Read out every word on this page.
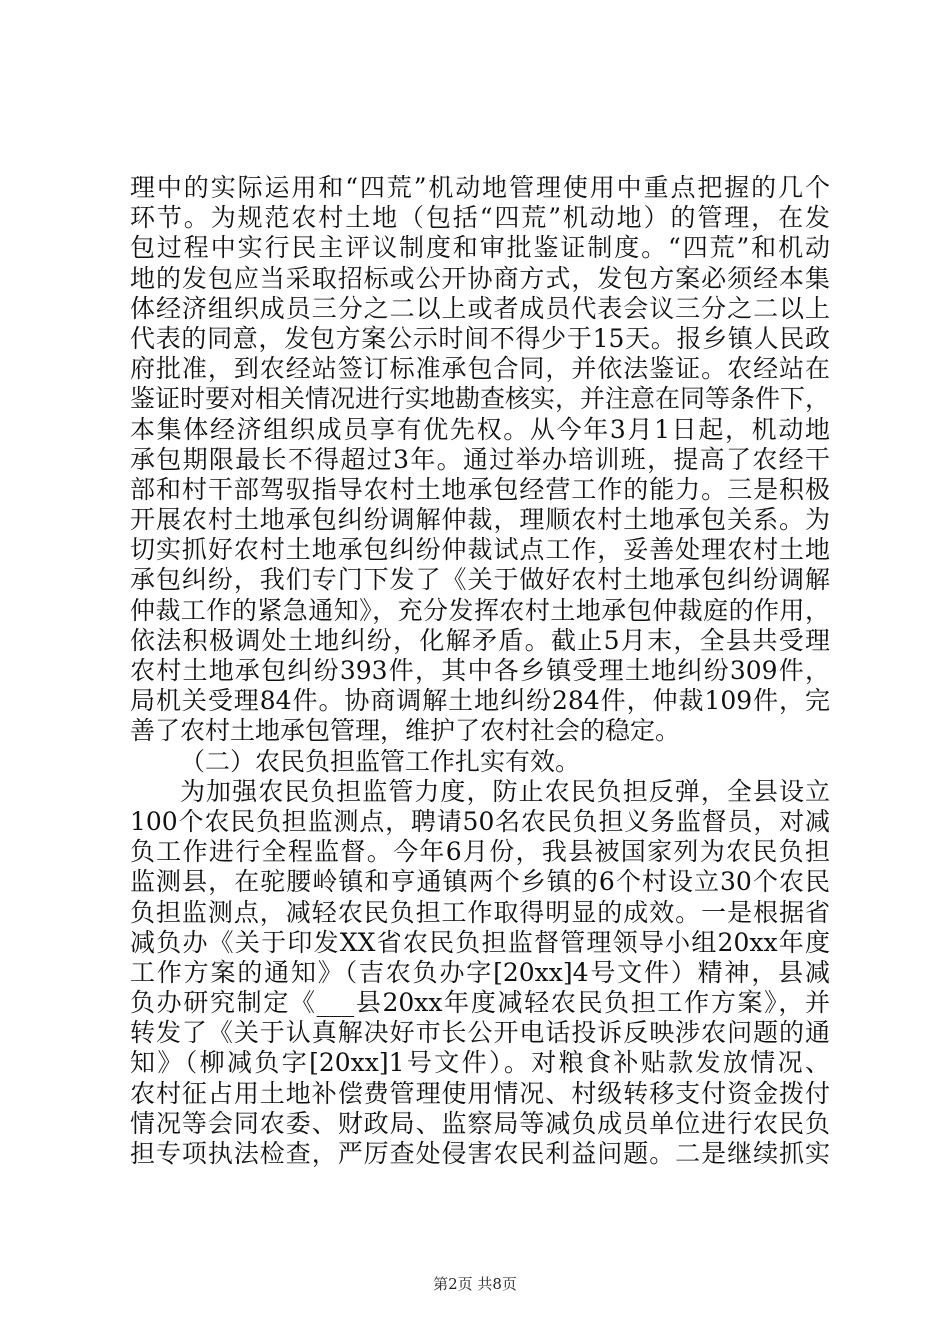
理中的实际运用和“四荒”机动地管理使用中重点把握的几个
环节。为规范农村土地（包括“四荒”机动地）的管理，在发
包过程中实行民主评议制度和审批鉴证制度。“四荒”和机动
地的发包应当采取招标或公开协商方式，发包方案必须经本集
体经济组织成员三分之二以上或者成员代表会议三分之二以上
代表的同意，发包方案公示时间不得少于15天。报乡镇人民政
府批准，到农经站签订标准承包合同，并依法鉴证。农经站在
鉴证时要对相关情况进行实地勘查核实，并注意在同等条件下，
本集体经济组织成员享有优先权。从今年3月1日起，机动地
承包期限最长不得超过3年。通过举办培训班，提高了农经干
部和村干部驾驭指导农村土地承包经营工作的能力。三是积极
开展农村土地承包纠纷调解仲裁，理顺农村土地承包关系。为
切实抓好农村土地承包纠纷仲裁试点工作，妥善处理农村土地
承包纠纷，我们专门下发了《关于做好农村土地承包纠纷调解
仲裁工作的紧急通知》，充分发挥农村土地承包仲裁庭的作用，
依法积极调处土地纠纷，化解矛盾。截止5月末，全县共受理
农村土地承包纠纷393件，其中各乡镇受理土地纠纷309件，
局机关受理84件。协商调解土地纠纷284件，仲裁109件，完
善了农村土地承包管理，维护了农村社会的稳定。
（二）农民负担监管工作扎实有效。
为加强农民负担监管力度，防止农民负担反弹，全县设立
100个农民负担监测点，聘请50名农民负担义务监督员，对减
负工作进行全程监督。今年6月份，我县被国家列为农民负担
监测县，在驼腰岭镇和亨通镇两个乡镇的6个村设立30个农民
负担监测点，减轻农民负担工作取得明显的成效。一是根据省
减负办《关于印发XX省农民负担监督管理领导小组20xx年度
工作方案的通知》（吉农负办字[20xx]4号文件）精神，县减
负办研究制定《___县20xx年度减轻农民负担工作方案》，并
转发了《关于认真解决好市长公开电话投诉反映涉农问题的通
知》（柳减负字[20xx]1号文件）。对粮食补贴款发放情况、
农村征占用土地补偿费管理使用情况、村级转移支付资金拨付
情况等会同农委、财政局、监察局等减负成员单位进行农民负
担专项执法检查，严厉查处侵害农民利益问题。二是继续抓实
第2页 共8页
